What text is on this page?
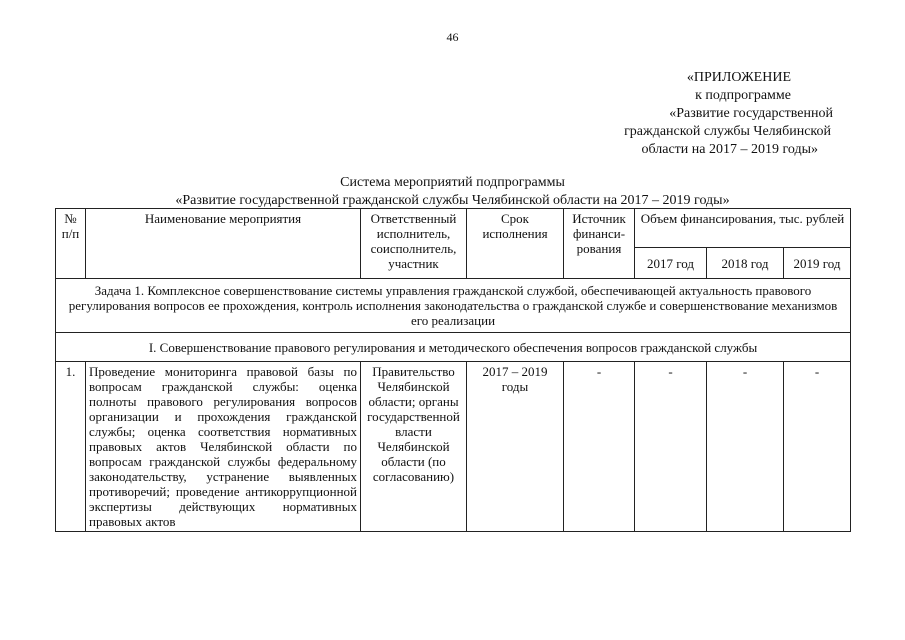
46
«ПРИЛОЖЕНИЕ
к подпрограмме
«Развитие государственной
гражданской службы Челябинской
области на 2017 – 2019 годы»
Система мероприятий подпрограммы
«Развитие государственной гражданской службы Челябинской области на 2017 – 2019 годы»
№ п/п	Наименование мероприятия	Ответственный исполнитель, соисполнитель, участник	Срок исполнения	Источник финанси-рования	Объем финансирования, тыс. рублей		
					2017 год	2018 год	2019 год
Задача 1. Комплексное совершенствование системы управления гражданской службой, обеспечивающей актуальность правового регулирования вопросов ее прохождения, контроль исполнения законодательства о гражданской службе и совершенствование механизмов его реализации							
I. Совершенствование правового регулирования и методического обеспечения вопросов гражданской службы							
1.	Проведение мониторинга правовой базы по вопросам гражданской службы: оценка полноты правового регулирования вопросов организации и прохождения гражданской службы; оценка соответствия нормативных правовых актов Челябинской области по вопросам гражданской службы федеральному законодательству, устранение выявленных противоречий; проведение антикоррупционной экспертизы действующих нормативных правовых актов	Правительство Челябинской области; органы государственной власти Челябинской области (по согласованию)	2017 – 2019 годы	-	-	-	-
